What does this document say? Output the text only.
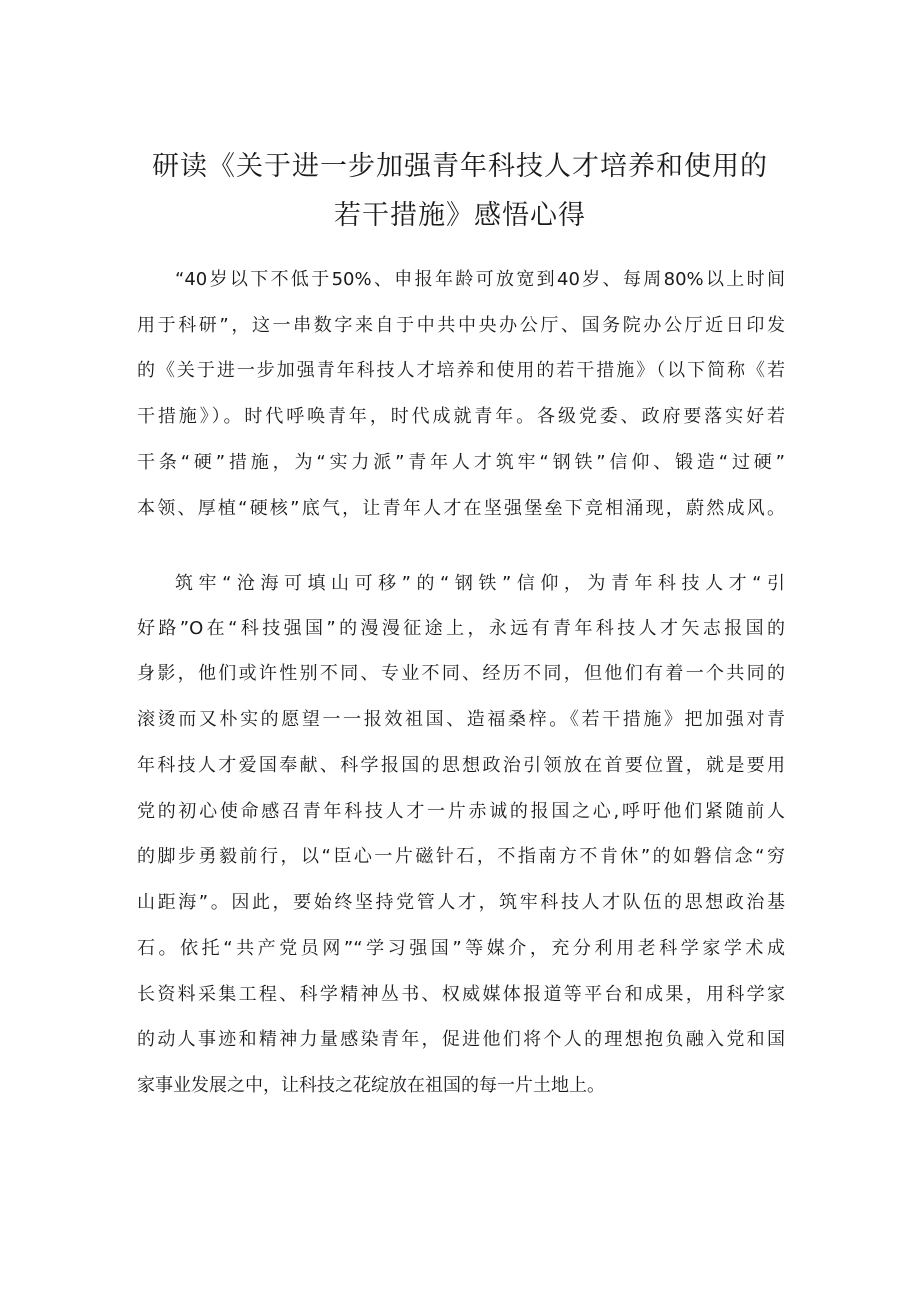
研读《关于进一步加强青年科技人才培养和使用的
若干措施》感悟心得

“40岁以下不低于50%、申报年龄可放宽到40岁、每周80%以上时间

用于科研”，这一串数字来自于中共中央办公厅、国务院办公厅近日印发

的《关于进一步加强青年科技人才培养和使用的若干措施》（以下简称《若

干措施》）。时代呼唤青年，时代成就青年。各级党委、政府要落实好若

干条“硬”措施，为“实力派”青年人才筑牢“钢铁”信仰、锻造“过硬”

本领、厚植“硬核”底气，让青年人才在坚强堡垒下竞相涌现，蔚然成风。

筑牢“沧海可填山可移”的“钢铁”信仰，为青年科技人才“引

好路”O在“科技强国”的漫漫征途上，永远有青年科技人才矢志报国的

身影，他们或许性别不同、专业不同、经历不同，但他们有着一个共同的

滚烫而又朴实的愿望一一报效祖国、造福桑梓。《若干措施》把加强对青

年科技人才爱国奉献、科学报国的思想政治引领放在首要位置，就是要用

党的初心使命感召青年科技人才一片赤诚的报国之心,呼吁他们紧随前人

的脚步勇毅前行，以“臣心一片磁针石，不指南方不肯休”的如磐信念“穷

山距海”。因此，要始终坚持党管人才，筑牢科技人才队伍的思想政治基

石。依托“共产党员网”“学习强国”等媒介，充分利用老科学家学术成

长资料采集工程、科学精神丛书、权威媒体报道等平台和成果，用科学家

的动人事迹和精神力量感染青年，促进他们将个人的理想抱负融入党和国

家事业发展之中，让科技之花绽放在祖国的每一片土地上。
